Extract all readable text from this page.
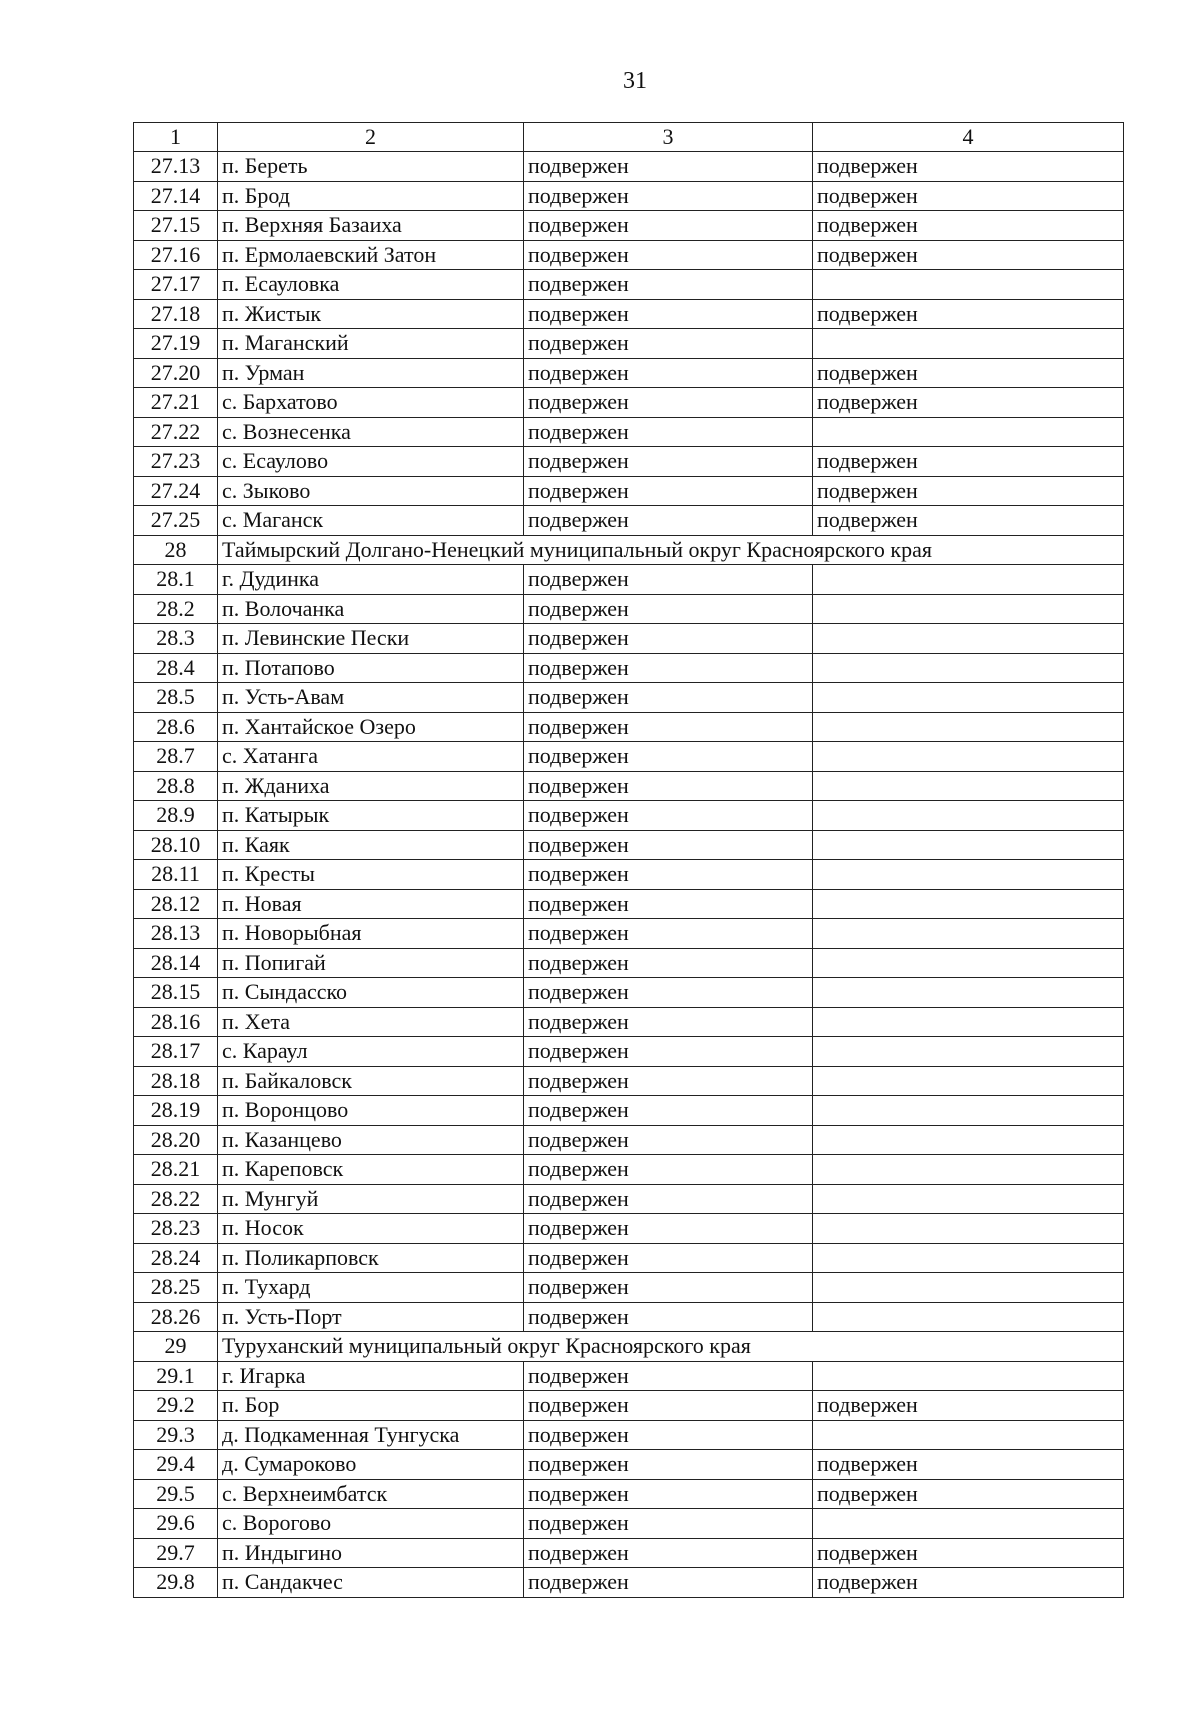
31
1	2	3	4
27.13	п. Береть	подвержен	подвержен
27.14	п. Брод	подвержен	подвержен
27.15	п. Верхняя Базаиха	подвержен	подвержен
27.16	п. Ермолаевский Затон	подвержен	подвержен
27.17	п. Есауловка	подвержен	
27.18	п. Жистык	подвержен	подвержен
27.19	п. Маганский	подвержен	
27.20	п. Урман	подвержен	подвержен
27.21	с. Бархатово	подвержен	подвержен
27.22	с. Вознесенка	подвержен	
27.23	с. Есаулово	подвержен	подвержен
27.24	с. Зыково	подвержен	подвержен
27.25	с. Маганск	подвержен	подвержен
28	Таймырский Долгано-Ненецкий муниципальный округ Красноярского края		
28.1	г. Дудинка	подвержен	
28.2	п. Волочанка	подвержен	
28.3	п. Левинские Пески	подвержен	
28.4	п. Потапово	подвержен	
28.5	п. Усть-Авам	подвержен	
28.6	п. Хантайское Озеро	подвержен	
28.7	с. Хатанга	подвержен	
28.8	п. Жданиха	подвержен	
28.9	п. Катырык	подвержен	
28.10	п. Каяк	подвержен	
28.11	п. Кресты	подвержен	
28.12	п. Новая	подвержен	
28.13	п. Новорыбная	подвержен	
28.14	п. Попигай	подвержен	
28.15	п. Сындасско	подвержен	
28.16	п. Хета	подвержен	
28.17	с. Караул	подвержен	
28.18	п. Байкаловск	подвержен	
28.19	п. Воронцово	подвержен	
28.20	п. Казанцево	подвержен	
28.21	п. Кареповск	подвержен	
28.22	п. Мунгуй	подвержен	
28.23	п. Носок	подвержен	
28.24	п. Поликарповск	подвержен	
28.25	п. Тухард	подвержен	
28.26	п. Усть-Порт	подвержен	
29	Туруханский муниципальный округ Красноярского края		
29.1	г. Игарка	подвержен	
29.2	п. Бор	подвержен	подвержен
29.3	д. Подкаменная Тунгуска	подвержен	
29.4	д. Сумароково	подвержен	подвержен
29.5	с. Верхнеимбатск	подвержен	подвержен
29.6	с. Ворогово	подвержен	
29.7	п. Индыгино	подвержен	подвержен
29.8	п. Сандакчес	подвержен	подвержен
